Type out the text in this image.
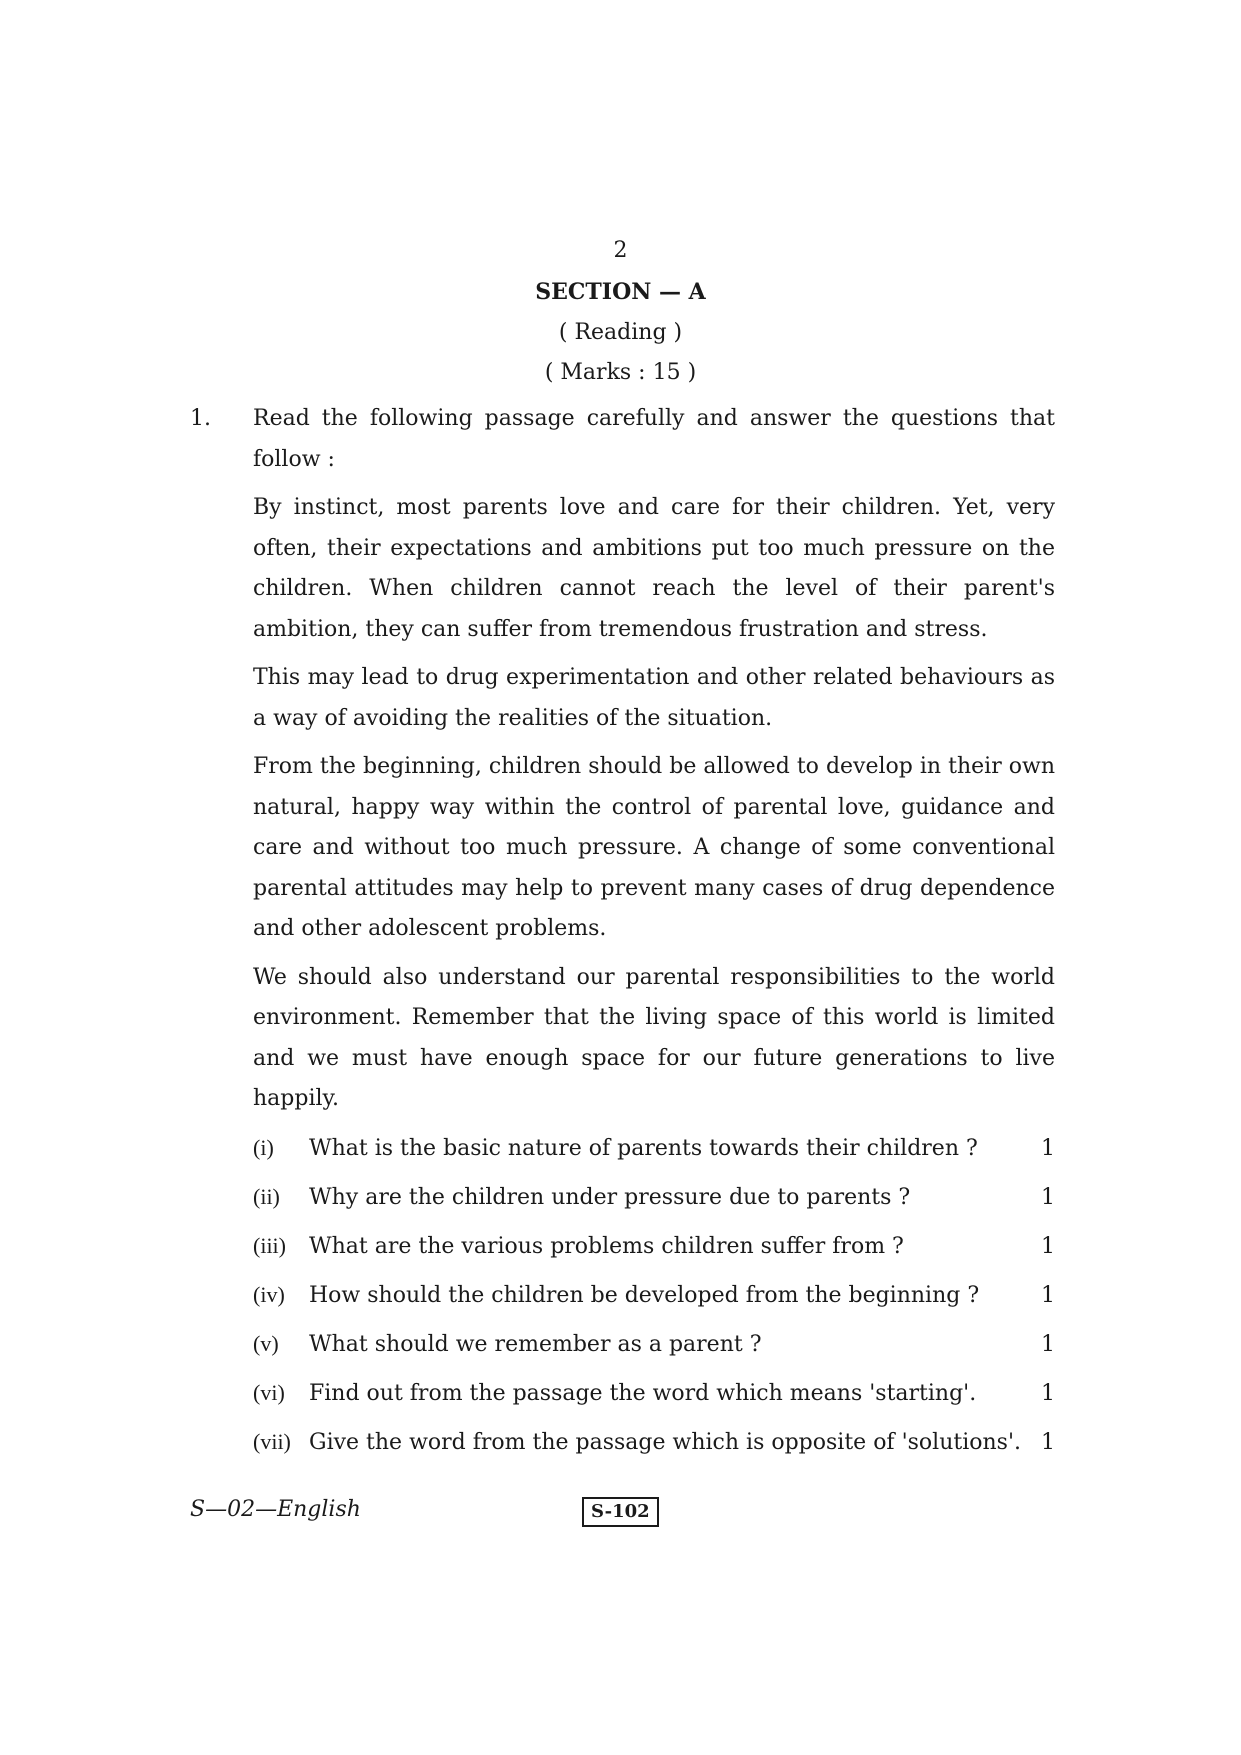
2
SECTION — A
( Reading )
( Marks : 15 )
1. Read the following passage carefully and answer the questions that follow :

By instinct, most parents love and care for their children. Yet, very often, their expectations and ambitions put too much pressure on the children. When children cannot reach the level of their parent's ambition, they can suffer from tremendous frustration and stress.

This may lead to drug experimentation and other related behaviours as a way of avoiding the realities of the situation.

From the beginning, children should be allowed to develop in their own natural, happy way within the control of parental love, guidance and care and without too much pressure. A change of some conventional parental attitudes may help to prevent many cases of drug dependence and other adolescent problems.

We should also understand our parental responsibilities to the world environment. Remember that the living space of this world is limited and we must have enough space for our future generations to live happily.

(i)	What is the basic nature of parents towards their children ?	1
(ii)	Why are the children under pressure due to parents ?	1
(iii)	What are the various problems children suffer from ?	1
(iv)	How should the children be developed from the beginning ?	1
(v)	What should we remember as a parent ?	1
(vi)	Find out from the passage the word which means 'starting'.	1
(vii) Give the word from the passage which is opposite of 'solutions'. 1
S—02—English	S-102
